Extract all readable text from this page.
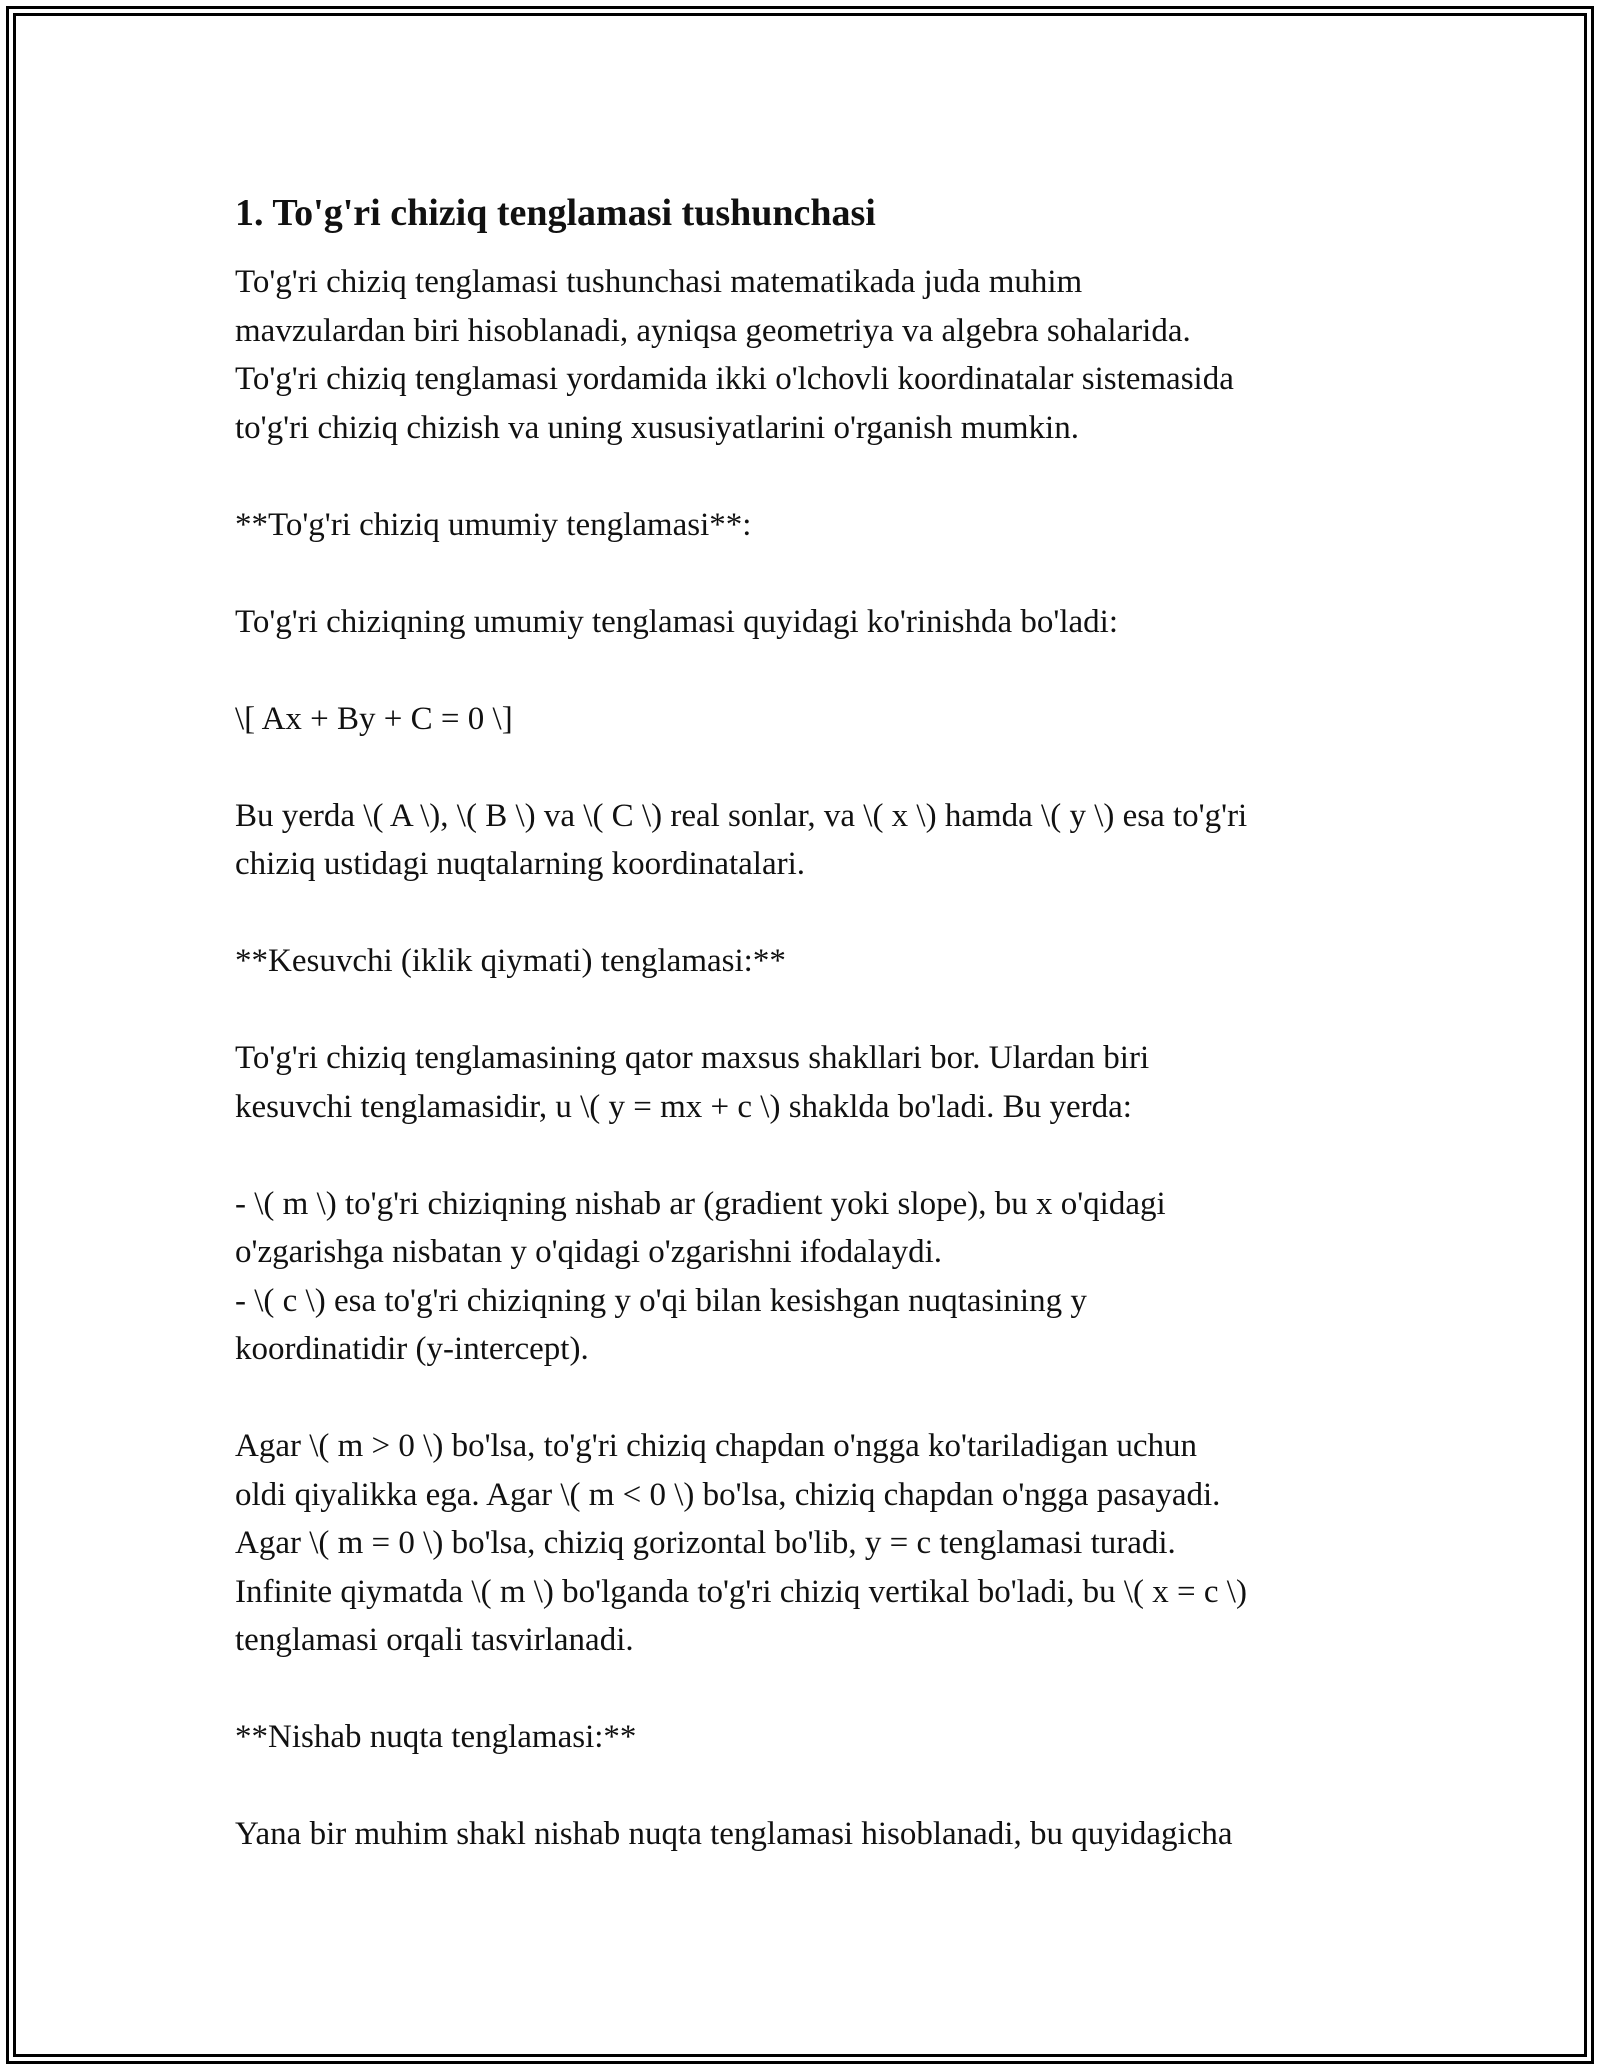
1. To'g'ri chiziq tenglamasi tushunchasi

To'g'ri chiziq tenglamasi tushunchasi matematikada juda muhim
mavzulardan biri hisoblanadi, ayniqsa geometriya va algebra sohalarida.
To'g'ri chiziq tenglamasi yordamida ikki o'lchovli koordinatalar sistemasida
to'g'ri chiziq chizish va uning xususiyatlarini o'rganish mumkin.

**To'g'ri chiziq umumiy tenglamasi**:

To'g'ri chiziqning umumiy tenglamasi quyidagi ko'rinishda bo'ladi:

\[ Ax + By + C = 0 \]

Bu yerda \( A \), \( B \) va \( C \) real sonlar, va \( x \) hamda \( y \) esa to'g'ri
chiziq ustidagi nuqtalarning koordinatalari.

**Kesuvchi (iklik qiymati) tenglamasi:**

To'g'ri chiziq tenglamasining qator maxsus shakllari bor. Ulardan biri
kesuvchi tenglamasidir, u \( y = mx + c \) shaklda bo'ladi. Bu yerda:

- \( m \) to'g'ri chiziqning nishab ar (gradient yoki slope), bu x o'qidagi
o'zgarishga nisbatan y o'qidagi o'zgarishni ifodalaydi.
- \( c \) esa to'g'ri chiziqning y o'qi bilan kesishgan nuqtasining y
koordinatidir (y-intercept).

Agar \( m > 0 \) bo'lsa, to'g'ri chiziq chapdan o'ngga ko'tariladigan uchun
oldi qiyalikka ega. Agar \( m < 0 \) bo'lsa, chiziq chapdan o'ngga pasayadi.
Agar \( m = 0 \) bo'lsa, chiziq gorizontal bo'lib, y = c tenglamasi turadi.
Infinite qiymatda \( m \) bo'lganda to'g'ri chiziq vertikal bo'ladi, bu \( x = c \)
tenglamasi orqali tasvirlanadi.

**Nishab nuqta tenglamasi:**

Yana bir muhim shakl nishab nuqta tenglamasi hisoblanadi, bu quyidagicha
